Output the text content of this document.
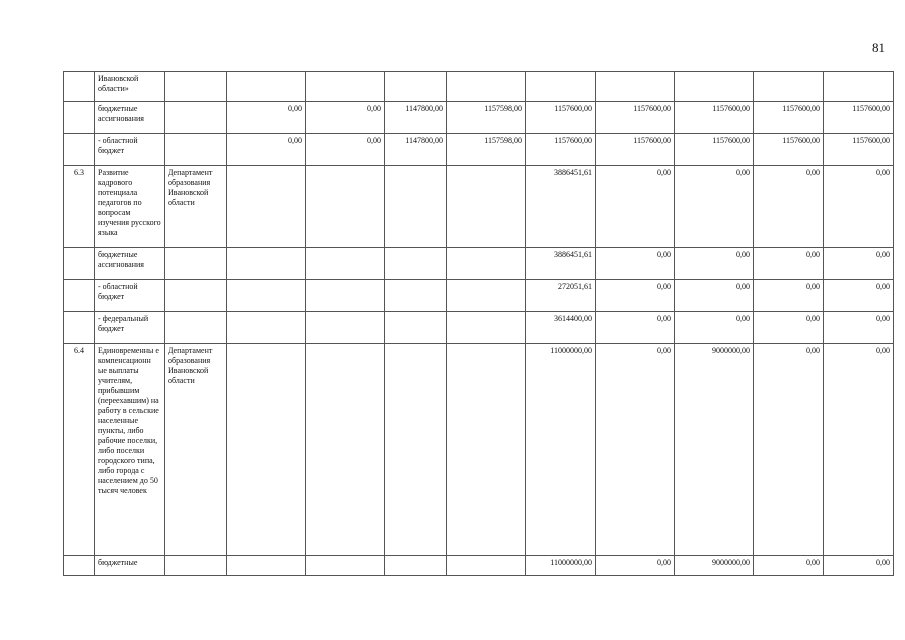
81
	Ивановской области»										
	бюджетные ассигнования		0,00	0,00	1147800,00	1157598,00	1157600,00	1157600,00	1157600,00	1157600,00	1157600,00
	- областной бюджет		0,00	0,00	1147800,00	1157598,00	1157600,00	1157600,00	1157600,00	1157600,00	1157600,00
6.3	Развитие кадрового потенциала педагогов по вопросам изучения русского языка	Департамент образования Ивановской области					3886451,61	0,00	0,00	0,00	0,00
	бюджетные ассигнования						3886451,61	0,00	0,00	0,00	0,00
	- областной бюджет						272051,61	0,00	0,00	0,00	0,00
	- федеральный бюджет						3614400,00	0,00	0,00	0,00	0,00
6.4	Единовременны е компенсационн ые выплаты учителям, прибывшим (переехавшим) на работу в сельские населенные пункты, либо рабочие поселки, либо поселки городского типа, либо города с населением до 50 тысяч человек	Департамент образования Ивановской области					11000000,00	0,00	9000000,00	0,00	0,00
	бюджетные						11000000,00	0,00	9000000,00	0,00	0,00
